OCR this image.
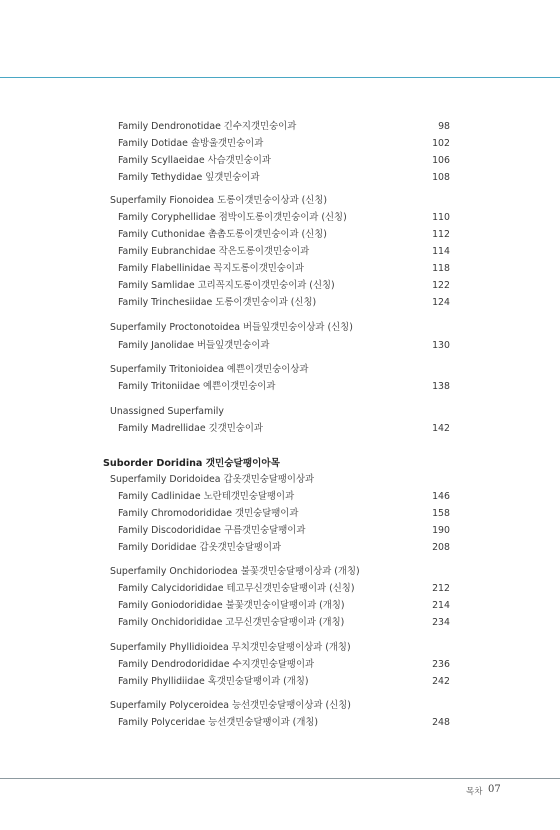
Family Dendronotidae 긴수지갯민숭이과	98
Family Dotidae 솔방울갯민숭이과	102
Family Scyllaeidae 사슴갯민숭이과	106
Family Tethydidae 잎갯민숭이과	108
Superfamily Fionoidea 도롱이갯민숭이상과 (신칭)
Family Coryphellidae 점박이도롱이갯민숭이과 (신칭)	110
Family Cuthonidae 촘촘도롱이갯민숭이과 (신칭)	112
Family Eubranchidae 작은도롱이갯민숭이과	114
Family Flabellinidae 꼭지도롱이갯민숭이과	118
Family Samlidae 고리꼭지도롱이갯민숭이과 (신칭)	122
Family Trinchesiidae 도롱이갯민숭이과 (신칭)	124
Superfamily Proctonotoidea 버들잎갯민숭이상과 (신칭)
Family Janolidae 버들잎갯민숭이과	130
Superfamily Tritonioidea 예쁜이갯민숭이상과
Family Tritoniidae 예쁜이갯민숭이과	138
Unassigned Superfamily
Family Madrellidae 깃갯민숭이과	142
Suborder Doridina 갯민숭달팽이아목
Superfamily Doridoidea 갑옷갯민숭달팽이상과
Family Cadlinidae 노란테갯민숭달팽이과	146
Family Chromodorididae 갯민숭달팽이과	158
Family Discodorididae 구름갯민숭달팽이과	190
Family Dorididae 갑옷갯민숭달팽이과	208
Superfamily Onchidoriodea 불꽃갯민숭달팽이상과 (개칭)
Family Calycidorididae 테고무신갯민숭달팽이과 (신칭)	212
Family Goniodorididae 불꽃갯민숭이달팽이과 (개칭)	214
Family Onchidorididae 고무신갯민숭달팽이과 (개칭)	234
Superfamily Phyllidioidea 무치갯민숭달팽이상과 (개칭)
Family Dendrodorididae 수지갯민숭달팽이과	236
Family Phyllidiidae 혹갯민숭달팽이과 (개칭)	242
Superfamily Polyceroidea 능선갯민숭달팽이상과 (신칭)
Family Polyceridae 능선갯민숭달팽이과 (개칭)	248
목차 07
